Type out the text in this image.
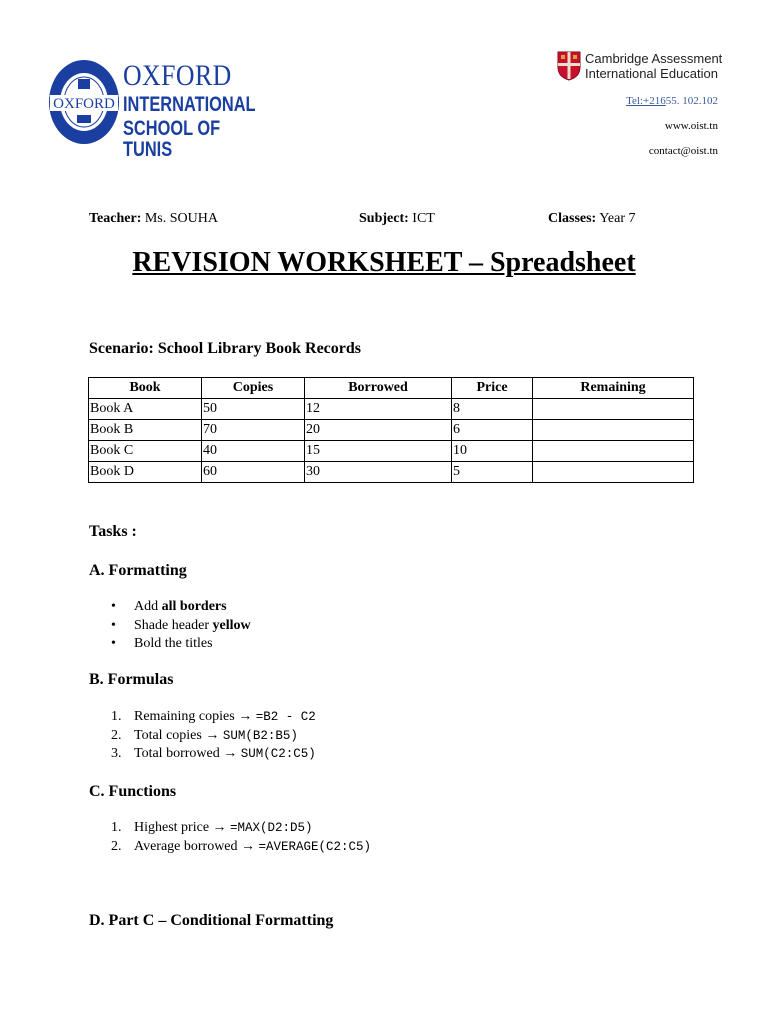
OXFORD
OXFORD
INTERNATIONAL
SCHOOL OF TUNIS
Cambridge Assessment
International Education
Tel:+21655. 102.102
www.oist.tn
contact@oist.tn
Teacher: Ms. SOUHA	Subject: ICT	Classes: Year 7
REVISION WORKSHEET – Spreadsheet
Scenario: School Library Book Records
Book	Copies	Borrowed	Price	Remaining
Book A	50	12	8	
Book B	70	20	6	
Book C	40	15	10	
Book D	60	30	5	
Tasks :
A. Formatting
• Add all borders
• Shade header yellow
• Bold the titles
B. Formulas
1. Remaining copies → =B2 - C2
2. Total copies → SUM(B2:B5)
3. Total borrowed → SUM(C2:C5)
C. Functions
1. Highest price → =MAX(D2:D5)
2. Average borrowed → =AVERAGE(C2:C5)
D. Part C – Conditional Formatting
